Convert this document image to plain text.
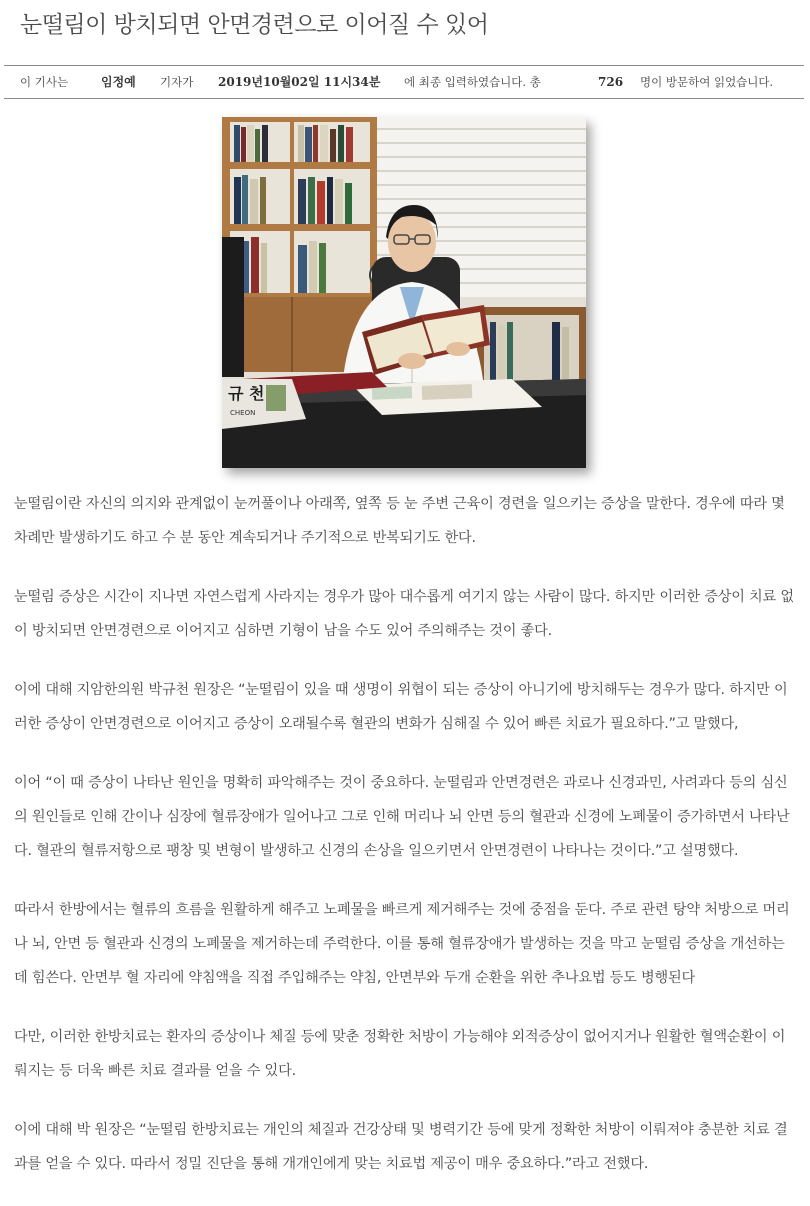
눈떨림이 방치되면 안면경련으로 이어질 수 있어
이 기사는	임정예 기자가 2019년10월02일 11시34분 에 최종 입력하였습니다. 총	726 명이 방문하여 읽었습니다.
규 천
CHEON

눈떨림이란 자신의 의지와 관계없이 눈꺼풀이나 아래쪽, 옆쪽 등 눈 주변 근육이 경련을 일으키는 증상을 말한다. 경우에 따라 몇 차례만 발생하기도 하고 수 분 동안 계속되거나 주기적으로 반복되기도 한다.

눈떨림 증상은 시간이 지나면 자연스럽게 사라지는 경우가 많아 대수롭게 여기지 않는 사람이 많다. 하지만 이러한 증상이 치료 없이 방치되면 안면경련으로 이어지고 심하면 기형이 남을 수도 있어 주의해주는 것이 좋다.

이에 대해 지암한의원 박규천 원장은 “눈떨림이 있을 때 생명이 위협이 되는 증상이 아니기에 방치해두는 경우가 많다. 하지만 이러한 증상이 안면경련으로 이어지고 증상이 오래될수록 혈관의 변화가 심해질 수 있어 빠른 치료가 필요하다.”고 말했다,

이어 “이 때 증상이 나타난 원인을 명확히 파악해주는 것이 중요하다. 눈떨림과 안면경련은 과로나 신경과민, 사려과다 등의 심신의 원인들로 인해 간이나 심장에 혈류장애가 일어나고 그로 인해 머리나 뇌 안면 등의 혈관과 신경에 노폐물이 증가하면서 나타난다. 혈관의 혈류저항으로 팽창 및 변형이 발생하고 신경의 손상을 일으키면서 안면경련이 나타나는 것이다.”고 설명했다.

따라서 한방에서는 혈류의 흐름을 원활하게 해주고 노폐물을 빠르게 제거해주는 것에 중점을 둔다. 주로 관련 탕약 처방으로 머리나 뇌, 안면 등 혈관과 신경의 노폐물을 제거하는데 주력한다. 이를 통해 혈류장애가 발생하는 것을 막고 눈떨림 증상을 개선하는데 힘쓴다. 안면부 혈 자리에 약침액을 직접 주입해주는 약침, 안면부와 두개 순환을 위한 추나요법 등도 병행된다

다만, 이러한 한방치료는 환자의 증상이나 체질 등에 맞춘 정확한 처방이 가능해야 외적증상이 없어지거나 원활한 혈액순환이 이뤄지는 등 더욱 빠른 치료 결과를 얻을 수 있다.

이에 대해 박 원장은 “눈떨림 한방치료는 개인의 체질과 건강상태 및 병력기간 등에 맞게 정확한 처방이 이뤄져야 충분한 치료 결과를 얻을 수 있다. 따라서 정밀 진단을 통해 개개인에게 맞는 치료법 제공이 매우 중요하다.”라고 전했다.
